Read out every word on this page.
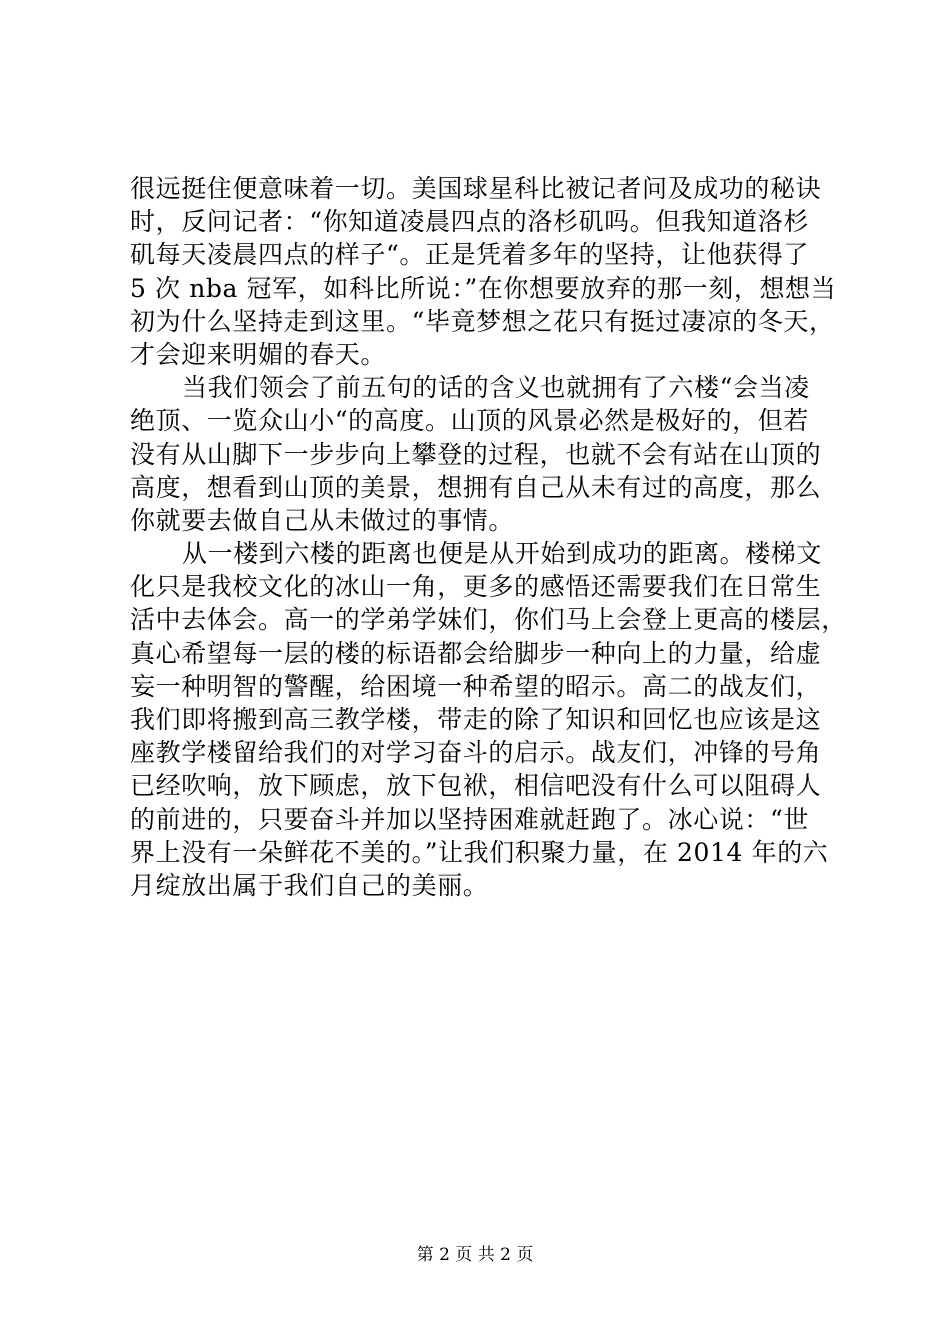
很远挺住便意味着一切。美国球星科比被记者问及成功的秘诀
时，反问记者：“你知道凌晨四点的洛杉矶吗。但我知道洛杉
矶每天凌晨四点的样子“。正是凭着多年的坚持，让他获得了
5 次 nba 冠军，如科比所说：”在你想要放弃的那一刻，想想当
初为什么坚持走到这里。“毕竟梦想之花只有挺过凄凉的冬天，
才会迎来明媚的春天。
当我们领会了前五句的话的含义也就拥有了六楼“会当凌
绝顶、一览众山小“的高度。山顶的风景必然是极好的，但若
没有从山脚下一步步向上攀登的过程，也就不会有站在山顶的
高度，想看到山顶的美景，想拥有自己从未有过的高度，那么
你就要去做自己从未做过的事情。
从一楼到六楼的距离也便是从开始到成功的距离。楼梯文
化只是我校文化的冰山一角，更多的感悟还需要我们在日常生
活中去体会。高一的学弟学妹们，你们马上会登上更高的楼层，
真心希望每一层的楼的标语都会给脚步一种向上的力量，给虚
妄一种明智的警醒，给困境一种希望的昭示。高二的战友们，
我们即将搬到高三教学楼，带走的除了知识和回忆也应该是这
座教学楼留给我们的对学习奋斗的启示。战友们，冲锋的号角
已经吹响，放下顾虑，放下包袱，相信吧没有什么可以阻碍人
的前进的，只要奋斗并加以坚持困难就赶跑了。冰心说：“世
界上没有一朵鲜花不美的。”让我们积聚力量，在 2014 年的六
月绽放出属于我们自己的美丽。
第 2 页 共 2 页
